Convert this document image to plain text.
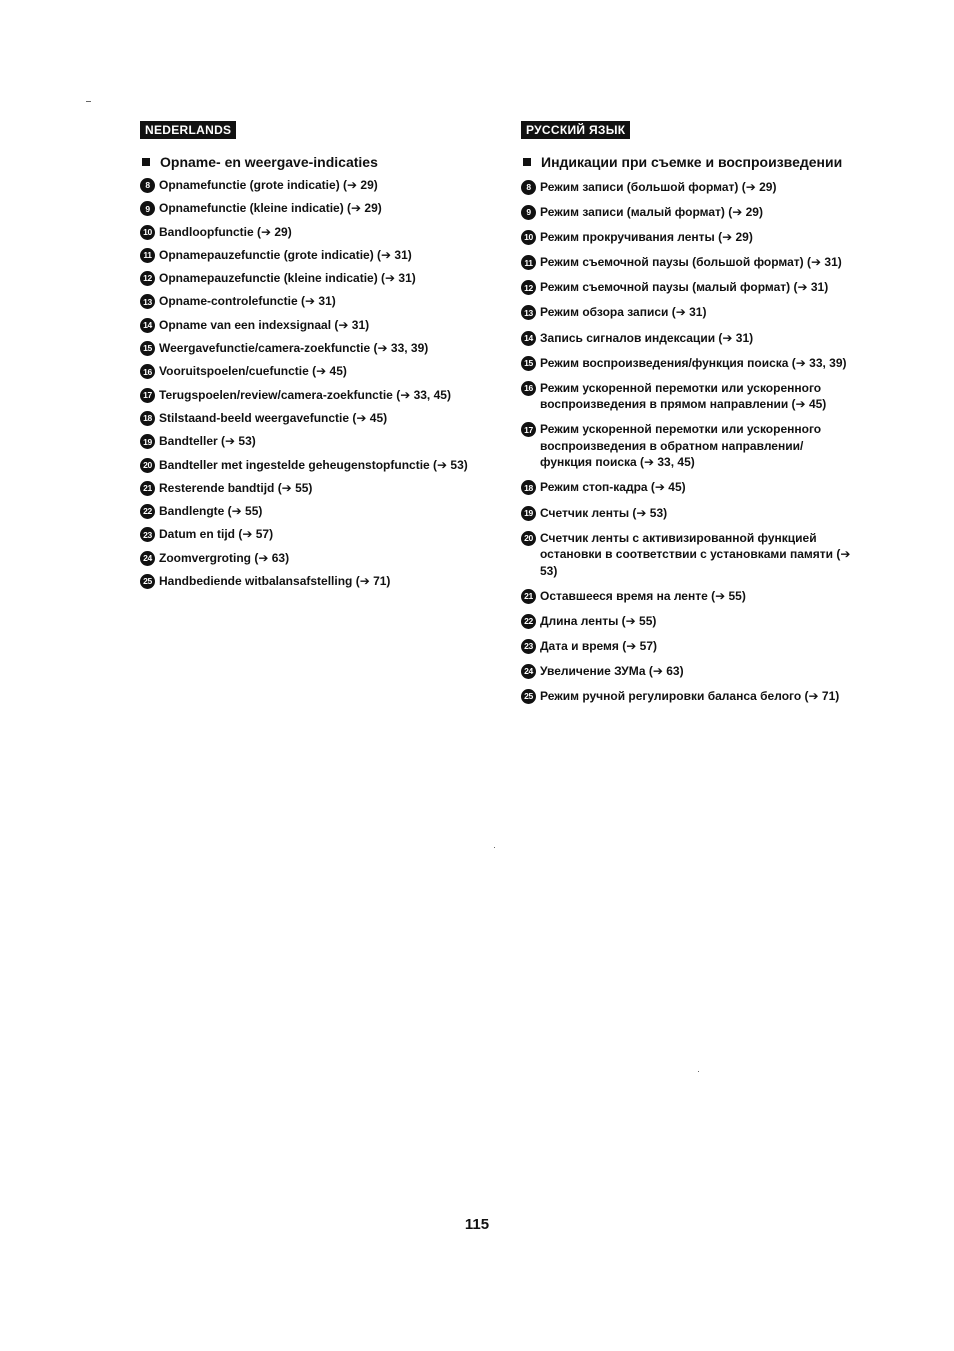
NEDERLANDS
Opname- en weergave-indicaties
8 Opnamefunctie (grote indicatie) (➔ 29)
9 Opnamefunctie (kleine indicatie) (➔ 29)
10 Bandloopfunctie (➔ 29)
11 Opnamepauzefunctie (grote indicatie) (➔ 31)
12 Opnamepauzefunctie (kleine indicatie) (➔ 31)
13 Opname-controlefunctie (➔ 31)
14 Opname van een indexsignaal (➔ 31)
15 Weergavefunctie/camera-zoekfunctie (➔ 33, 39)
16 Vooruitspoelen/cuefunctie (➔ 45)
17 Terugspoelen/review/camera-zoekfunctie (➔ 33, 45)
18 Stilstaand-beeld weergavefunctie (➔ 45)
19 Bandteller (➔ 53)
20 Bandteller met ingestelde geheugenstopfunctie (➔ 53)
21 Resterende bandtijd (➔ 55)
22 Bandlengte (➔ 55)
23 Datum en tijd (➔ 57)
24 Zoomvergroting (➔ 63)
25 Handbediende witbalansafstelling (➔ 71)
РУССКИЙ ЯЗЫК
Индикации при съемке и воспроизведении
8 Режим записи (большой формат) (➔ 29)
9 Режим записи (малый формат) (➔ 29)
10 Режим прокручивания ленты (➔ 29)
11 Режим съемочной паузы (большой формат) (➔ 31)
12 Режим съемочной паузы (малый формат) (➔ 31)
13 Режим обзора записи (➔ 31)
14 Запись сигналов индексации (➔ 31)
15 Режим воспроизведения/функция поиска (➔ 33, 39)
16 Режим ускоренной перемотки или ускоренного воспроизведения в прямом направлении (➔ 45)
17 Режим ускоренной перемотки или ускоренного воспроизведения в обратном направлении/функция поиска (➔ 33, 45)
18 Режим стоп-кадра (➔ 45)
19 Счетчик ленты (➔ 53)
20 Счетчик ленты с активизированной функцией остановки в соответствии с установками памяти (➔ 53)
21 Оставшееся время на ленте (➔ 55)
22 Длина ленты (➔ 55)
23 Дата и время (➔ 57)
24 Увеличение ЗУМа (➔ 63)
25 Режим ручной регулировки баланса белого (➔ 71)
115
